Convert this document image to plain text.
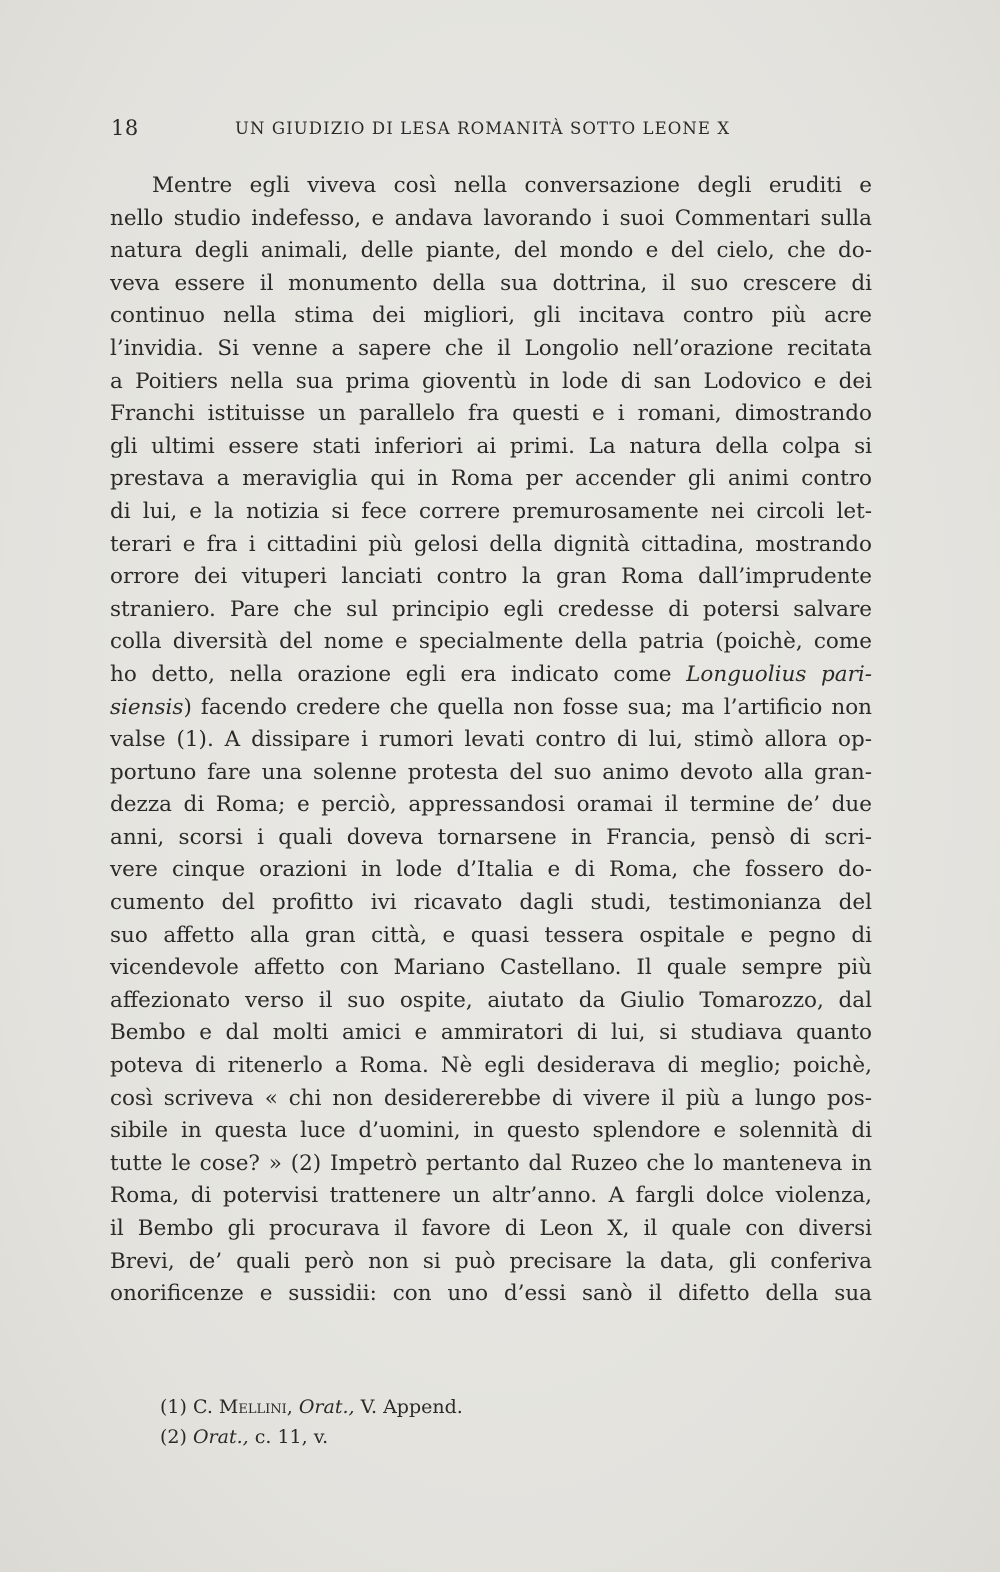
18	UN GIUDIZIO DI LESA ROMANITÀ SOTTO LEONE X
Mentre egli viveva così nella conversazione degli eruditi e
nello studio indefesso, e andava lavorando i suoi Commentari sulla
natura degli animali, delle piante, del mondo e del cielo, che do-
veva essere il monumento della sua dottrina, il suo crescere di
continuo nella stima dei migliori, gli incitava contro più acre
l’invidia. Si venne a sapere che il Longolio nell’orazione recitata
a Poitiers nella sua prima gioventù in lode di san Lodovico e dei
Franchi istituisse un parallelo fra questi e i romani, dimostrando
gli ultimi essere stati inferiori ai primi. La natura della colpa si
prestava a meraviglia qui in Roma per accender gli animi contro
di lui, e la notizia si fece correre premurosamente nei circoli let-
terari e fra i cittadini più gelosi della dignità cittadina, mostrando
orrore dei vituperi lanciati contro la gran Roma dall’imprudente
straniero. Pare che sul principio egli credesse di potersi salvare
colla diversità del nome e specialmente della patria (poichè, come
ho detto, nella orazione egli era indicato come Longuolius pari-
siensis) facendo credere che quella non fosse sua; ma l’artificio non
valse (1). A dissipare i rumori levati contro di lui, stimò allora op-
portuno fare una solenne protesta del suo animo devoto alla gran-
dezza di Roma; e perciò, appressandosi oramai il termine de’ due
anni, scorsi i quali doveva tornarsene in Francia, pensò di scri-
vere cinque orazioni in lode d’Italia e di Roma, che fossero do-
cumento del profitto ivi ricavato dagli studi, testimonianza del
suo affetto alla gran città, e quasi tessera ospitale e pegno di
vicendevole affetto con Mariano Castellano. Il quale sempre più
affezionato verso il suo ospite, aiutato da Giulio Tomarozzo, dal
Bembo e dal molti amici e ammiratori di lui, si studiava quanto
poteva di ritenerlo a Roma. Nè egli desiderava di meglio; poichè,
così scriveva « chi non desidererebbe di vivere il più a lungo pos-
sibile in questa luce d’uomini, in questo splendore e solennità di
tutte le cose? » (2) Impetrò pertanto dal Ruzeo che lo manteneva in
Roma, di potervisi trattenere un altr’anno. A fargli dolce violenza,
il Bembo gli procurava il favore di Leon X, il quale con diversi
Brevi, de’ quali però non si può precisare la data, gli conferiva
onorificenze e sussidii: con uno d’essi sanò il difetto della sua
(1) C. Mellini, Orat., V. Append.
(2) Orat., c. 11, v.
